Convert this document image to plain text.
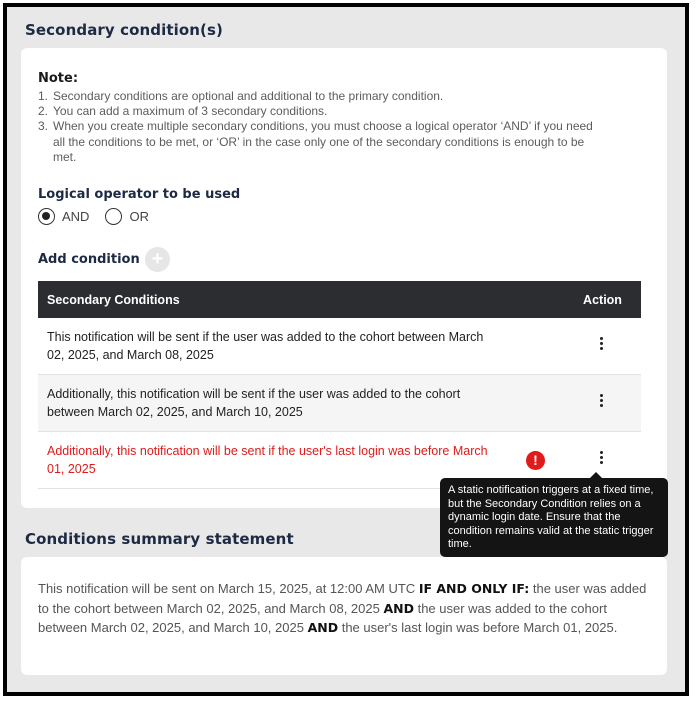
Secondary condition(s)
Note:
1. Secondary conditions are optional and additional to the primary condition.
2. You can add a maximum of 3 secondary conditions.
3. When you create multiple secondary conditions, you must choose a logical operator ‘AND’ if you need all the conditions to be met, or ‘OR’ in the case only one of the secondary conditions is enough to be met.
Logical operator to be used
AND	OR
Add condition +
Secondary Conditions		Action
This notification will be sent if the user was added to the cohort between March 02, 2025, and March 08, 2025		

Additionally, this notification will be sent if the user was added to the cohort between March 02, 2025, and March 10, 2025		

Additionally, this notification will be sent if the user's last login was before March 01, 2025	!	
Conditions summary statement
This notification will be sent on March 15, 2025, at 12:00 AM UTC IF AND ONLY IF: the user was added to the cohort between March 02, 2025, and March 08, 2025 AND the user was added to the cohort between March 02, 2025, and March 10, 2025 AND the user's last login was before March 01, 2025.
A static notification triggers at a fixed time, but the Secondary Condition relies on a dynamic login date. Ensure that the condition remains valid at the static trigger time.
